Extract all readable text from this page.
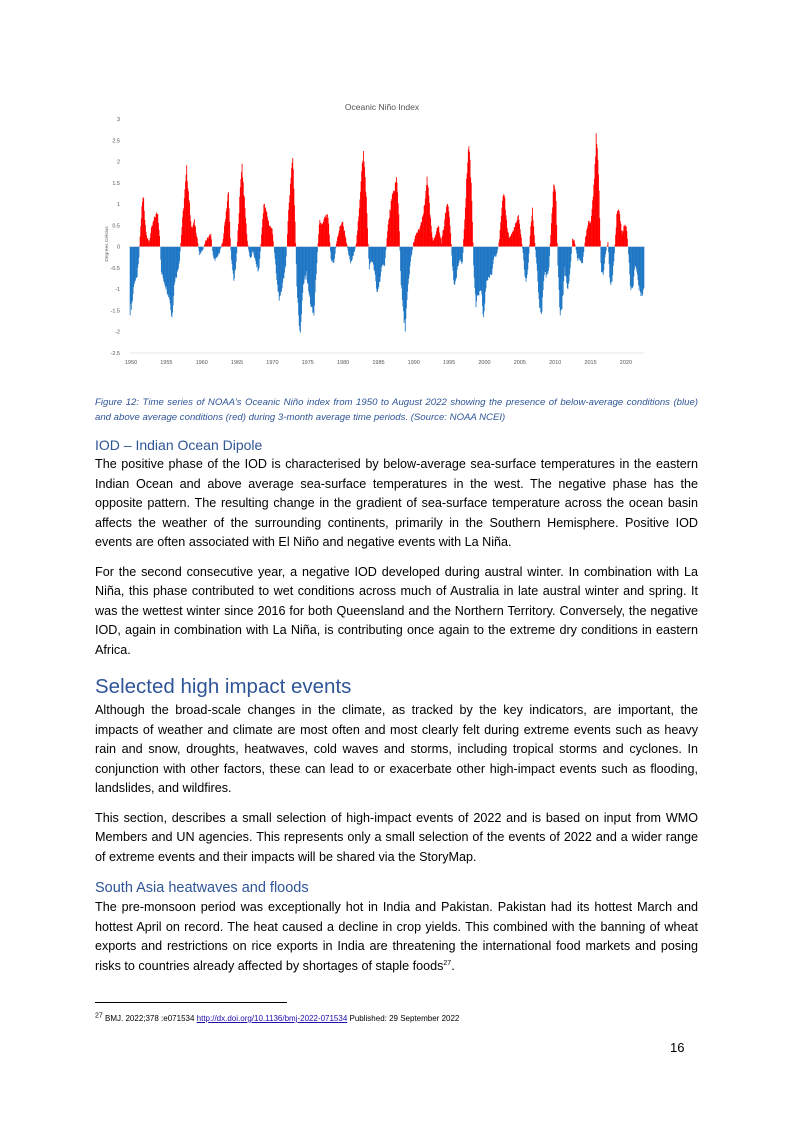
Oceanic Niño Index
Degrees Celsius
3
2.5
2
1.5
1
0.5
0
-0.5
-1
-1.5
-2
-2.5
1950	1955	1960	1965	1970	1975	1980	1985	1990	1995	2000	2005	2010	2015	2020
Figure 12: Time series of NOAA’s Oceanic Niño index from 1950 to August 2022 showing the presence of below-average conditions (blue) and above average conditions (red) during 3-month average time periods. (Source: NOAA NCEI)
IOD – Indian Ocean Dipole

The positive phase of the IOD is characterised by below-average sea-surface temperatures in the eastern Indian Ocean and above average sea-surface temperatures in the west. The negative phase has the opposite pattern. The resulting change in the gradient of sea-surface temperature across the ocean basin affects the weather of the surrounding continents, primarily in the Southern Hemisphere. Positive IOD events are often associated with El Niño and negative events with La Niña.

For the second consecutive year, a negative IOD developed during austral winter. In combination with La Niña, this phase contributed to wet conditions across much of Australia in late austral winter and spring. It was the wettest winter since 2016 for both Queensland and the Northern Territory. Conversely, the negative IOD, again in combination with La Niña, is contributing once again to the extreme dry conditions in eastern Africa.

Selected high impact events

Although the broad-scale changes in the climate, as tracked by the key indicators, are important, the impacts of weather and climate are most often and most clearly felt during extreme events such as heavy rain and snow, droughts, heatwaves, cold waves and storms, including tropical storms and cyclones. In conjunction with other factors, these can lead to or exacerbate other high-impact events such as flooding, landslides, and wildfires.

This section, describes a small selection of high-impact events of 2022 and is based on input from WMO Members and UN agencies. This represents only a small selection of the events of 2022 and a wider range of extreme events and their impacts will be shared via the StoryMap.

South Asia heatwaves and floods

The pre-monsoon period was exceptionally hot in India and Pakistan. Pakistan had its hottest March and hottest April on record. The heat caused a decline in crop yields. This combined with the banning of wheat exports and restrictions on rice exports in India are threatening the international food markets and posing risks to countries already affected by shortages of staple foods$^{27}$.

$^{27}$ BMJ. 2022;378 :e071534 http://dx.doi.org/10.1136/bmj-2022-071534 Published: 29 September 2022
16
